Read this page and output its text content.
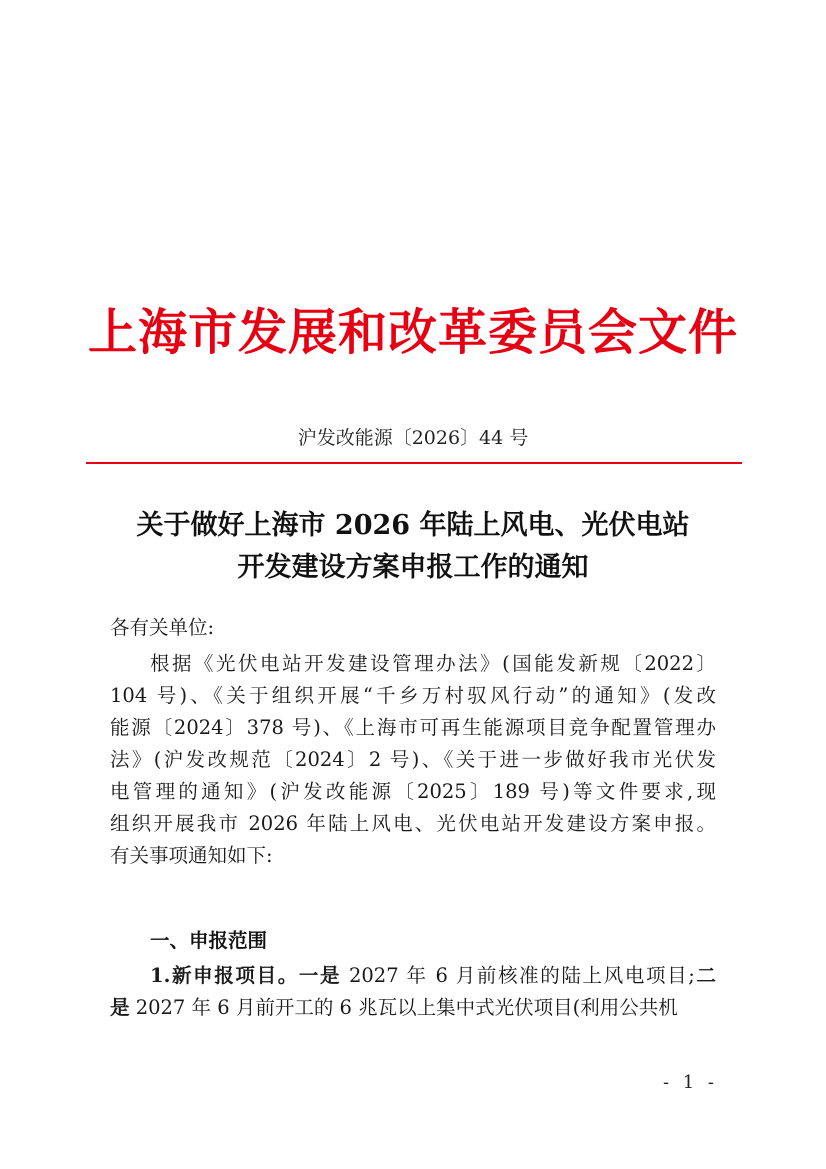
上海市发展和改革委员会文件
沪发改能源〔2026〕44 号
关于做好上海市 2026 年陆上风电、光伏电站
开发建设方案申报工作的通知
各有关单位:
根据《光伏电站开发建设管理办法》(国能发新规〔2022〕
104 号)、《关于组织开展“千乡万村驭风行动”的通知》(发改
能源〔2024〕378 号)、《上海市可再生能源项目竞争配置管理办
法》(沪发改规范〔2024〕2 号)、《关于进一步做好我市光伏发
电管理的通知》(沪发改能源〔2025〕189 号)等文件要求,现
组织开展我市 2026 年陆上风电、光伏电站开发建设方案申报。
有关事项通知如下:
一、申报范围
1.新申报项目。一是 2027 年 6 月前核准的陆上风电项目;二
是 2027 年 6 月前开工的 6 兆瓦以上集中式光伏项目(利用公共机
- 1 -
